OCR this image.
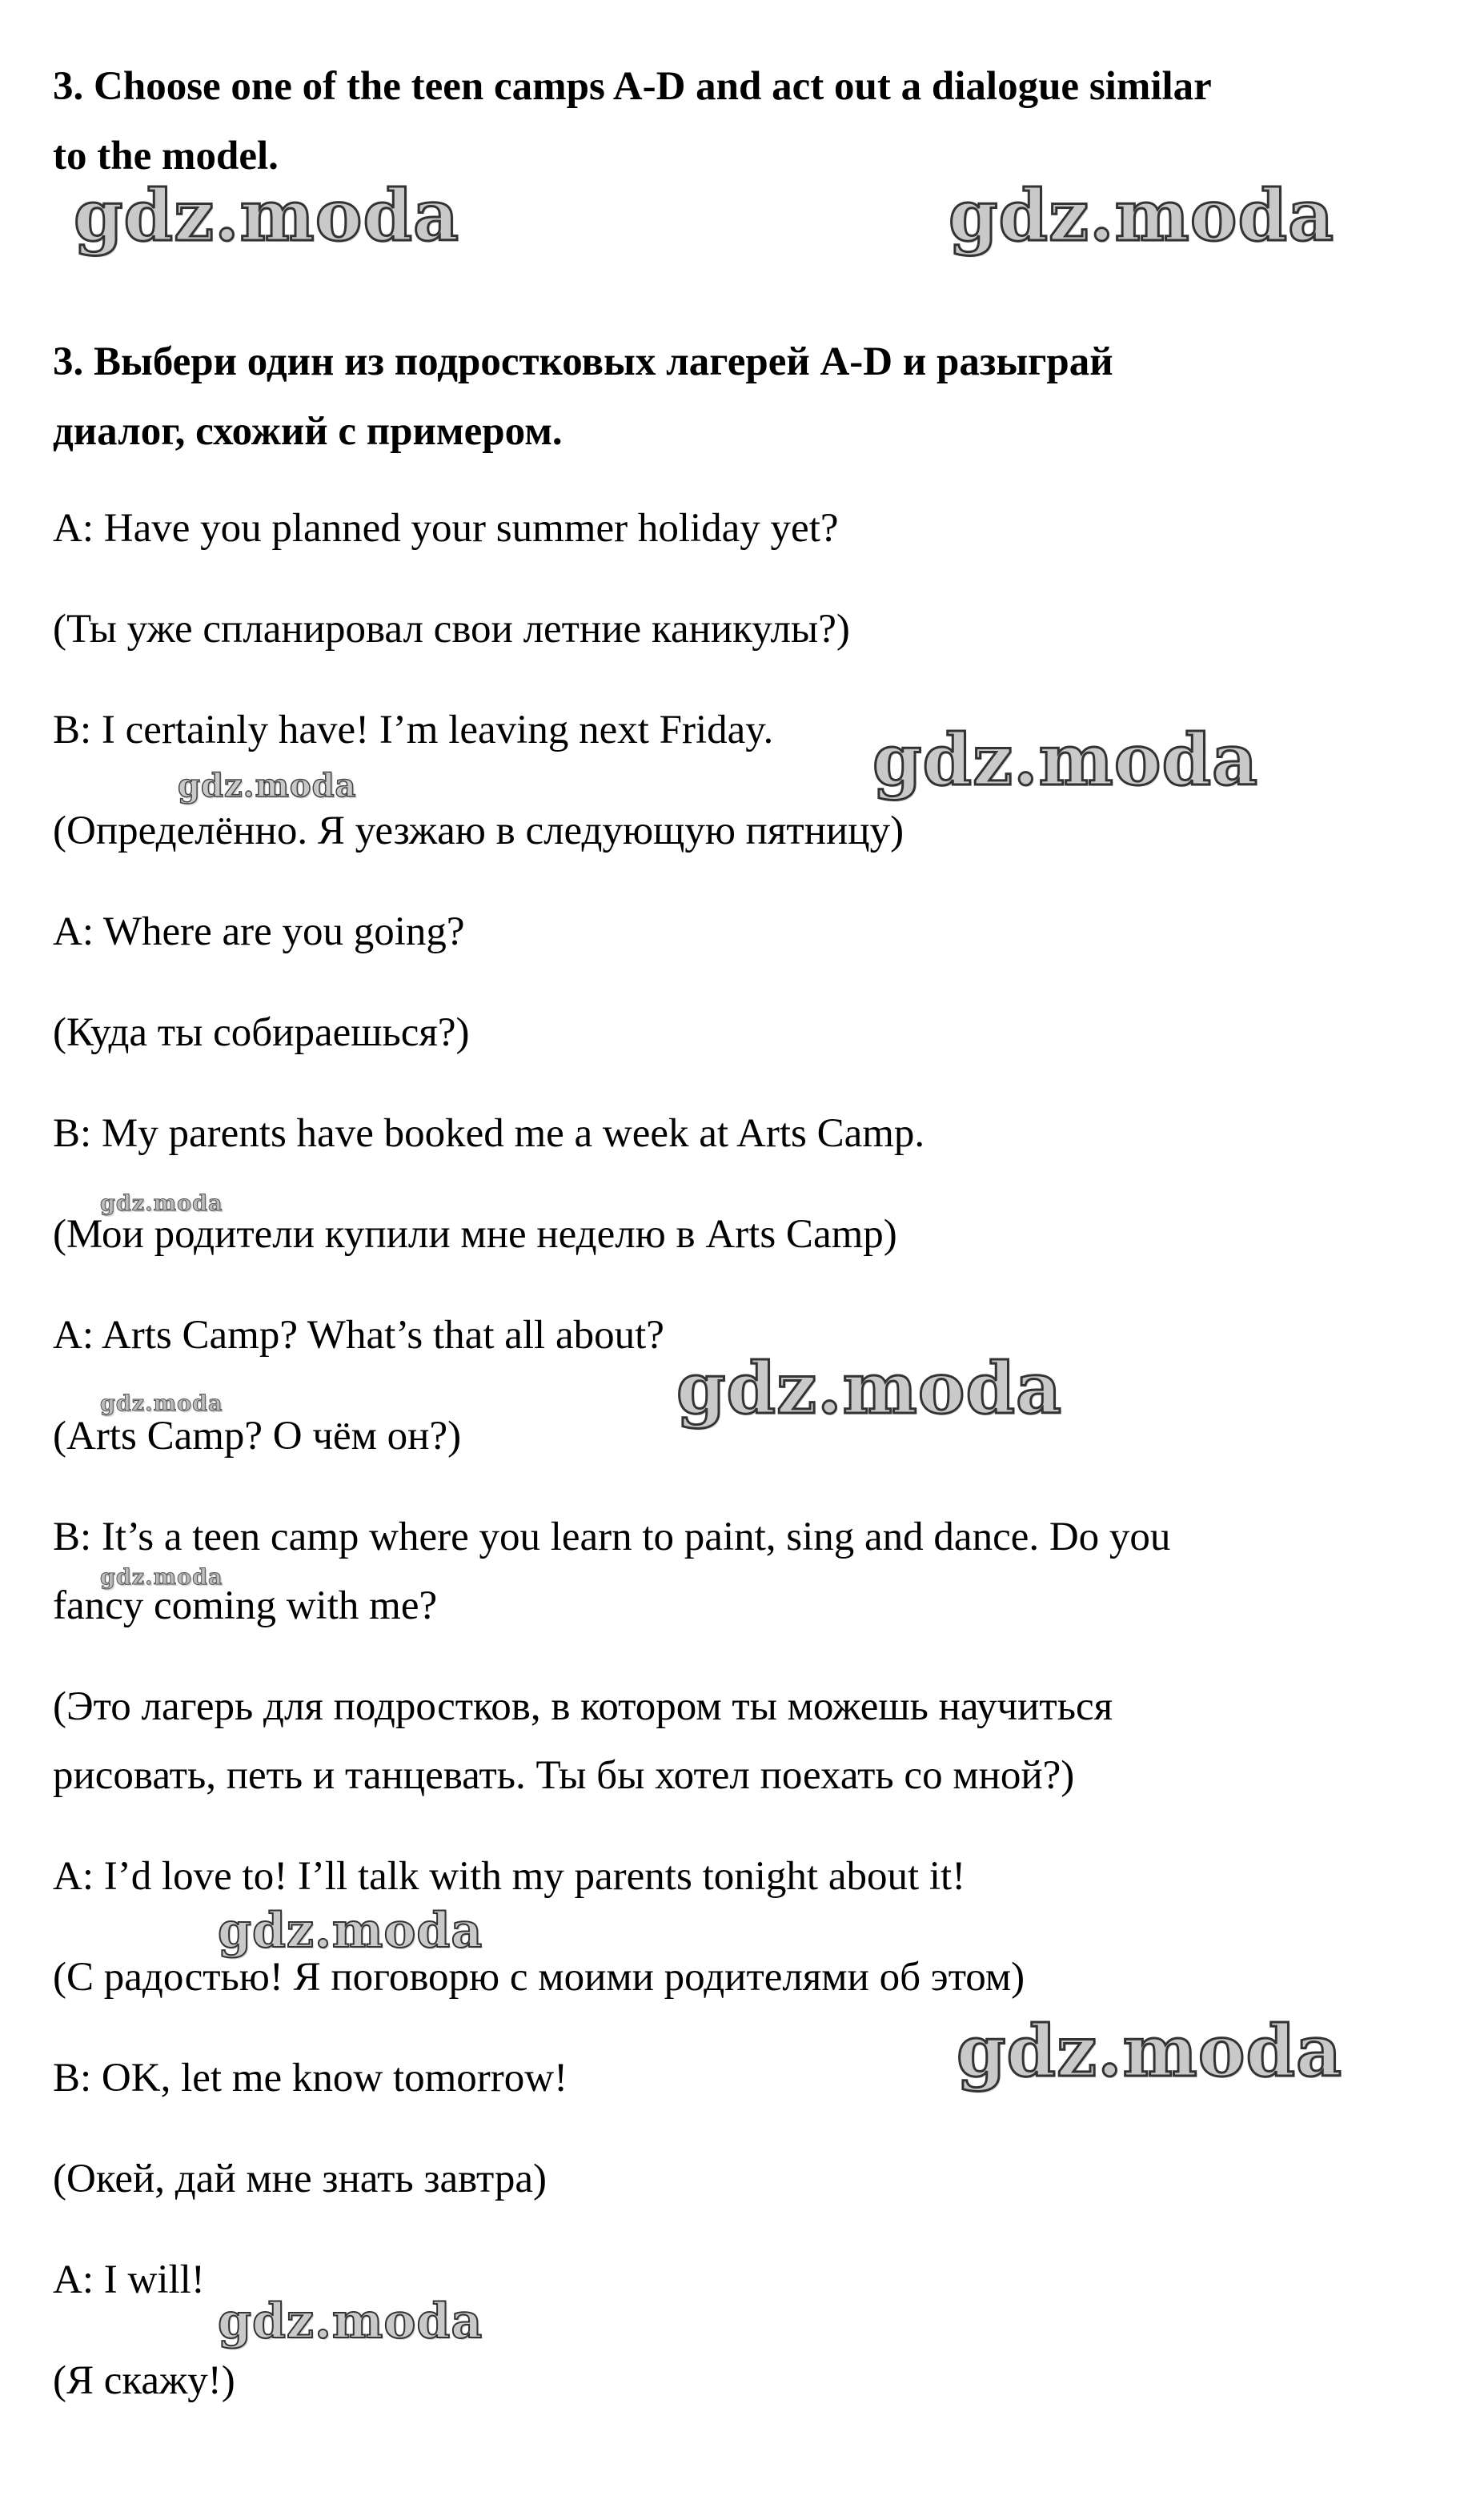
3. Choose one of the teen camps A-D and act out a dialogue similar

to the model.

3. Выбери один из подростковых лагерей A-D и разыграй

диалог, схожий с примером.

A: Have you planned your summer holiday yet?

(Ты уже спланировал свои летние каникулы?)

B: I certainly have! I’m leaving next Friday.

(Определённо. Я уезжаю в следующую пятницу)

A: Where are you going?

(Куда ты собираешься?)

B: My parents have booked me a week at Arts Camp.

(Мои родители купили мне неделю в Arts Camp)

A: Arts Camp? What’s that all about?

(Arts Camp? О чём он?)

B: It’s a teen camp where you learn to paint, sing and dance. Do you

fancy coming with me?

(Это лагерь для подростков, в котором ты можешь научиться

рисовать, петь и танцевать. Ты бы хотел поехать со мной?)

A: I’d love to! I’ll talk with my parents tonight about it!

(С радостью! Я поговорю с моими родителями об этом)

B: OK, let me know tomorrow!

(Окей, дай мне знать завтра)

A: I will!

(Я скажу!)

gdz.moda	gdz.moda
gdz.moda
gdz.moda
gdz.moda
gdz.moda
gdz.moda
gdz.moda
gdz.moda
gdz.moda
gdz.moda
